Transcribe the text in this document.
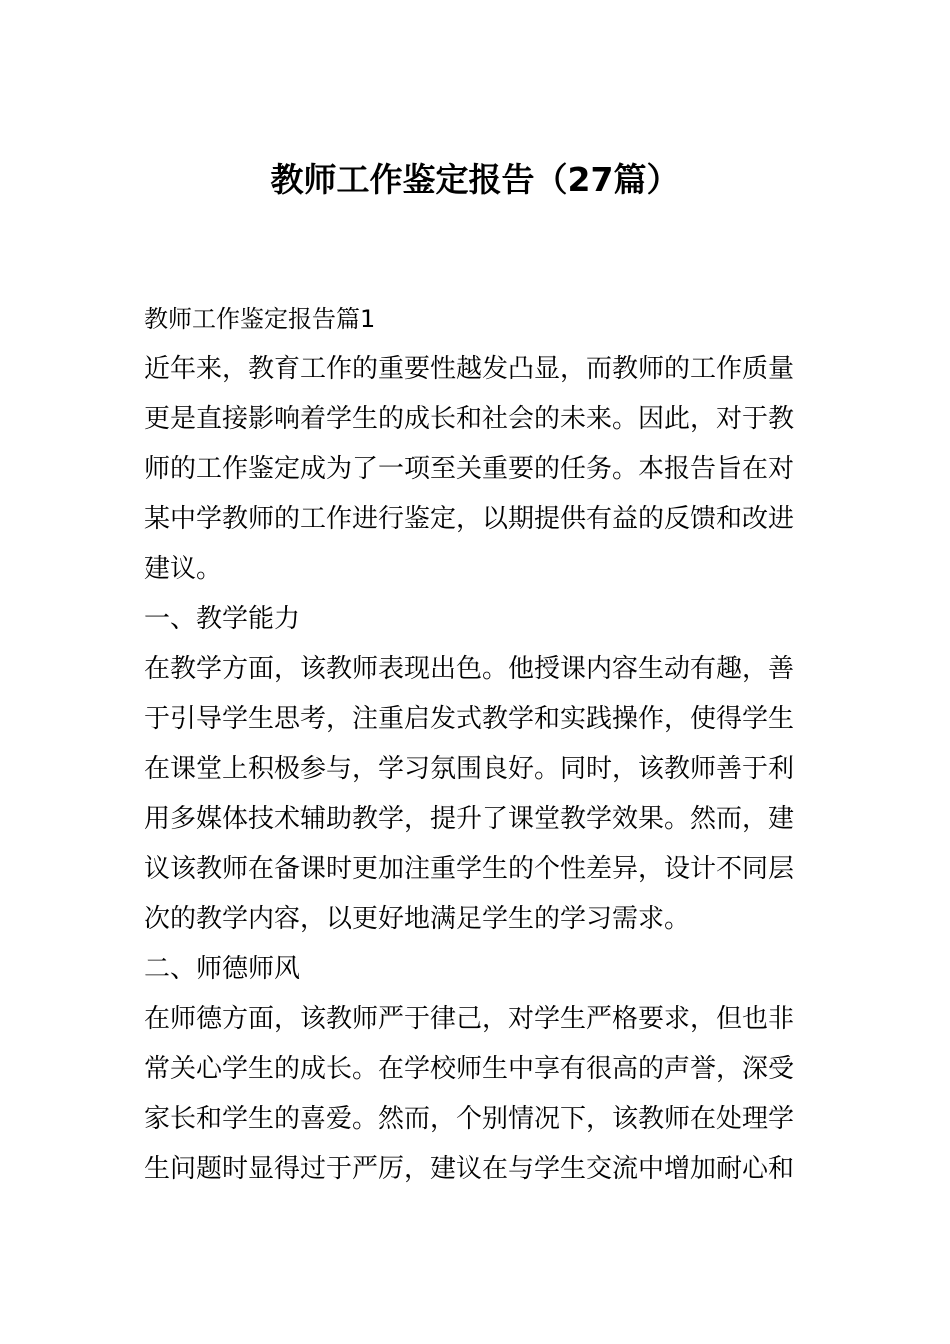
教师工作鉴定报告（27篇）
教师工作鉴定报告篇1
近年来，教育工作的重要性越发凸显，而教师的工作质量
更是直接影响着学生的成长和社会的未来。因此，对于教
师的工作鉴定成为了一项至关重要的任务。本报告旨在对
某中学教师的工作进行鉴定，以期提供有益的反馈和改进
建议。
一、教学能力
在教学方面，该教师表现出色。他授课内容生动有趣，善
于引导学生思考，注重启发式教学和实践操作，使得学生
在课堂上积极参与，学习氛围良好。同时，该教师善于利
用多媒体技术辅助教学，提升了课堂教学效果。然而，建
议该教师在备课时更加注重学生的个性差异，设计不同层
次的教学内容，以更好地满足学生的学习需求。
二、师德师风
在师德方面，该教师严于律己，对学生严格要求，但也非
常关心学生的成长。在学校师生中享有很高的声誉，深受
家长和学生的喜爱。然而，个别情况下，该教师在处理学
生问题时显得过于严厉，建议在与学生交流中增加耐心和
